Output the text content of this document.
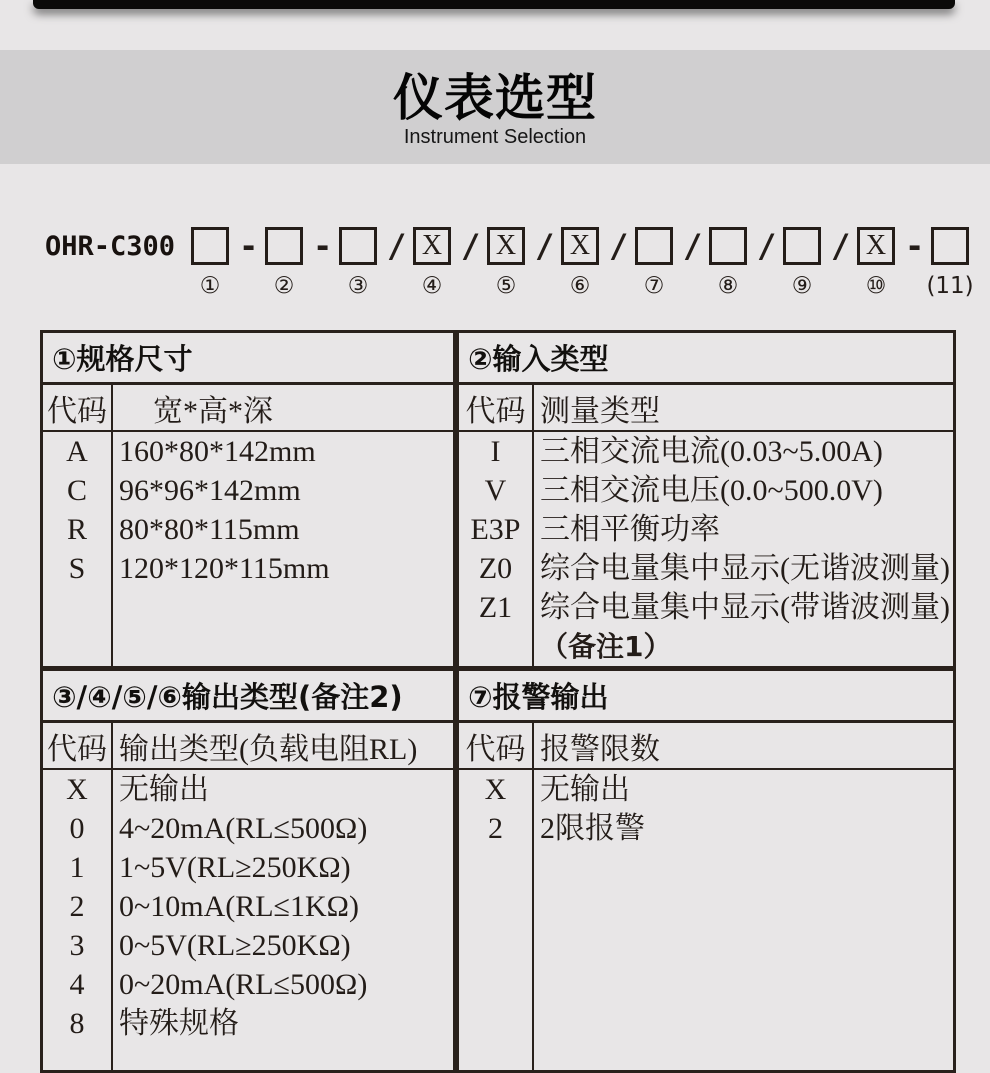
仪表选型
Instrument Selection
OHR-C300
①
-
②
-
③
/ X
④
/ X
⑤
/ X
⑥
/
⑦
/
⑧
/
⑨
/ X
⑩
-
(11)
①规格尺寸
代码	宽*高*深
A
C
R
S
160*80*142mm
96*96*142mm
80*80*115mm
120*120*115mm
②输入类型
代码 测量类型
I
V
E3P
Z0
Z1
三相交流电流(0.03~5.00A)
三相交流电压(0.0~500.0V)
三相平衡功率
综合电量集中显示(无谐波测量)
综合电量集中显示(带谐波测量)
（备注1）
③/④/⑤/⑥输出类型(备注2)
代码 输出类型(负载电阻RL)
X
0
1
2
3
4
8
无输出
4~20mA(RL≤500Ω)
1~5V(RL≥250KΩ)
0~10mA(RL≤1KΩ)
0~5V(RL≥250KΩ)
0~20mA(RL≤500Ω)
特殊规格
⑦报警输出
代码 报警限数
X
2
无输出
2限报警
